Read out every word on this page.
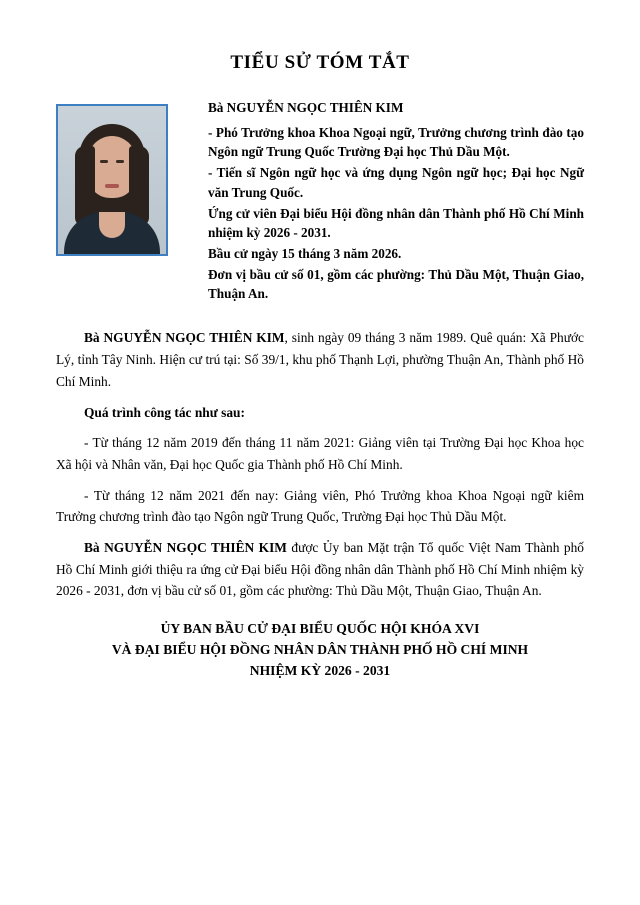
TIỂU SỬ TÓM TẮT
Bà NGUYỄN NGỌC THIÊN KIM
- Phó Trưởng khoa Khoa Ngoại ngữ, Trưởng chương trình đào tạo Ngôn ngữ Trung Quốc Trường Đại học Thủ Dầu Một.
- Tiến sĩ Ngôn ngữ học và ứng dụng Ngôn ngữ học; Đại học Ngữ văn Trung Quốc.
Ứng cử viên Đại biểu Hội đồng nhân dân Thành phố Hồ Chí Minh nhiệm kỳ 2026 - 2031.
Bầu cử ngày 15 tháng 3 năm 2026.
Đơn vị bầu cử số 01, gồm các phường: Thủ Dầu Một, Thuận Giao, Thuận An.

Bà NGUYỄN NGỌC THIÊN KIM, sinh ngày 09 tháng 3 năm 1989. Quê quán: Xã Phước Lý, tỉnh Tây Ninh. Hiện cư trú tại: Số 39/1, khu phố Thạnh Lợi, phường Thuận An, Thành phố Hồ Chí Minh.

Quá trình công tác như sau:

- Từ tháng 12 năm 2019 đến tháng 11 năm 2021: Giảng viên tại Trường Đại học Khoa học Xã hội và Nhân văn, Đại học Quốc gia Thành phố Hồ Chí Minh.

- Từ tháng 12 năm 2021 đến nay: Giảng viên, Phó Trưởng khoa Khoa Ngoại ngữ kiêm Trưởng chương trình đào tạo Ngôn ngữ Trung Quốc, Trường Đại học Thủ Dầu Một.

Bà NGUYỄN NGỌC THIÊN KIM được Ủy ban Mặt trận Tổ quốc Việt Nam Thành phố Hồ Chí Minh giới thiệu ra ứng cử Đại biểu Hội đồng nhân dân Thành phố Hồ Chí Minh nhiệm kỳ 2026 - 2031, đơn vị bầu cử số 01, gồm các phường: Thủ Dầu Một, Thuận Giao, Thuận An.

ỦY BAN BẦU CỬ ĐẠI BIỂU QUỐC HỘI KHÓA XVI
VÀ ĐẠI BIỂU HỘI ĐỒNG NHÂN DÂN THÀNH PHỐ HỒ CHÍ MINH
NHIỆM KỲ 2026 - 2031
